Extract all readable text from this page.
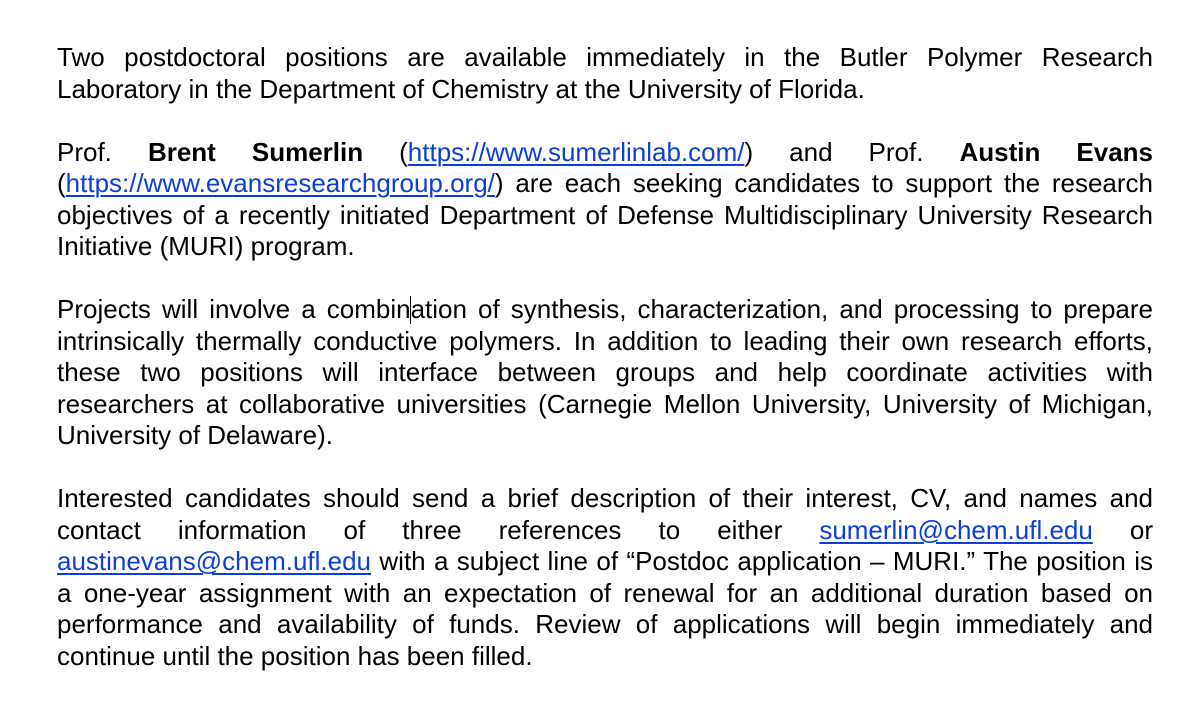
Two postdoctoral positions are available immediately in the Butler Polymer Research Laboratory in the Department of Chemistry at the University of Florida.

Prof. Brent Sumerlin (https://www.sumerlinlab.com/) and Prof. Austin Evans (https://www.evansresearchgroup.org/) are each seeking candidates to support the research objectives of a recently initiated Department of Defense Multidisciplinary University Research Initiative (MURI) program.

Projects will involve a combination of synthesis, characterization, and processing to prepare intrinsically thermally conductive polymers. In addition to leading their own research efforts, these two positions will interface between groups and help coordinate activities with researchers at collaborative universities (Carnegie Mellon University, University of Michigan, University of Delaware).

Interested candidates should send a brief description of their interest, CV, and names and contact information of three references to either sumerlin@chem.ufl.edu or austinevans@chem.ufl.edu with a subject line of “Postdoc application – MURI.” The position is a one-year assignment with an expectation of renewal for an additional duration based on performance and availability of funds. Review of applications will begin immediately and continue until the position has been filled.
